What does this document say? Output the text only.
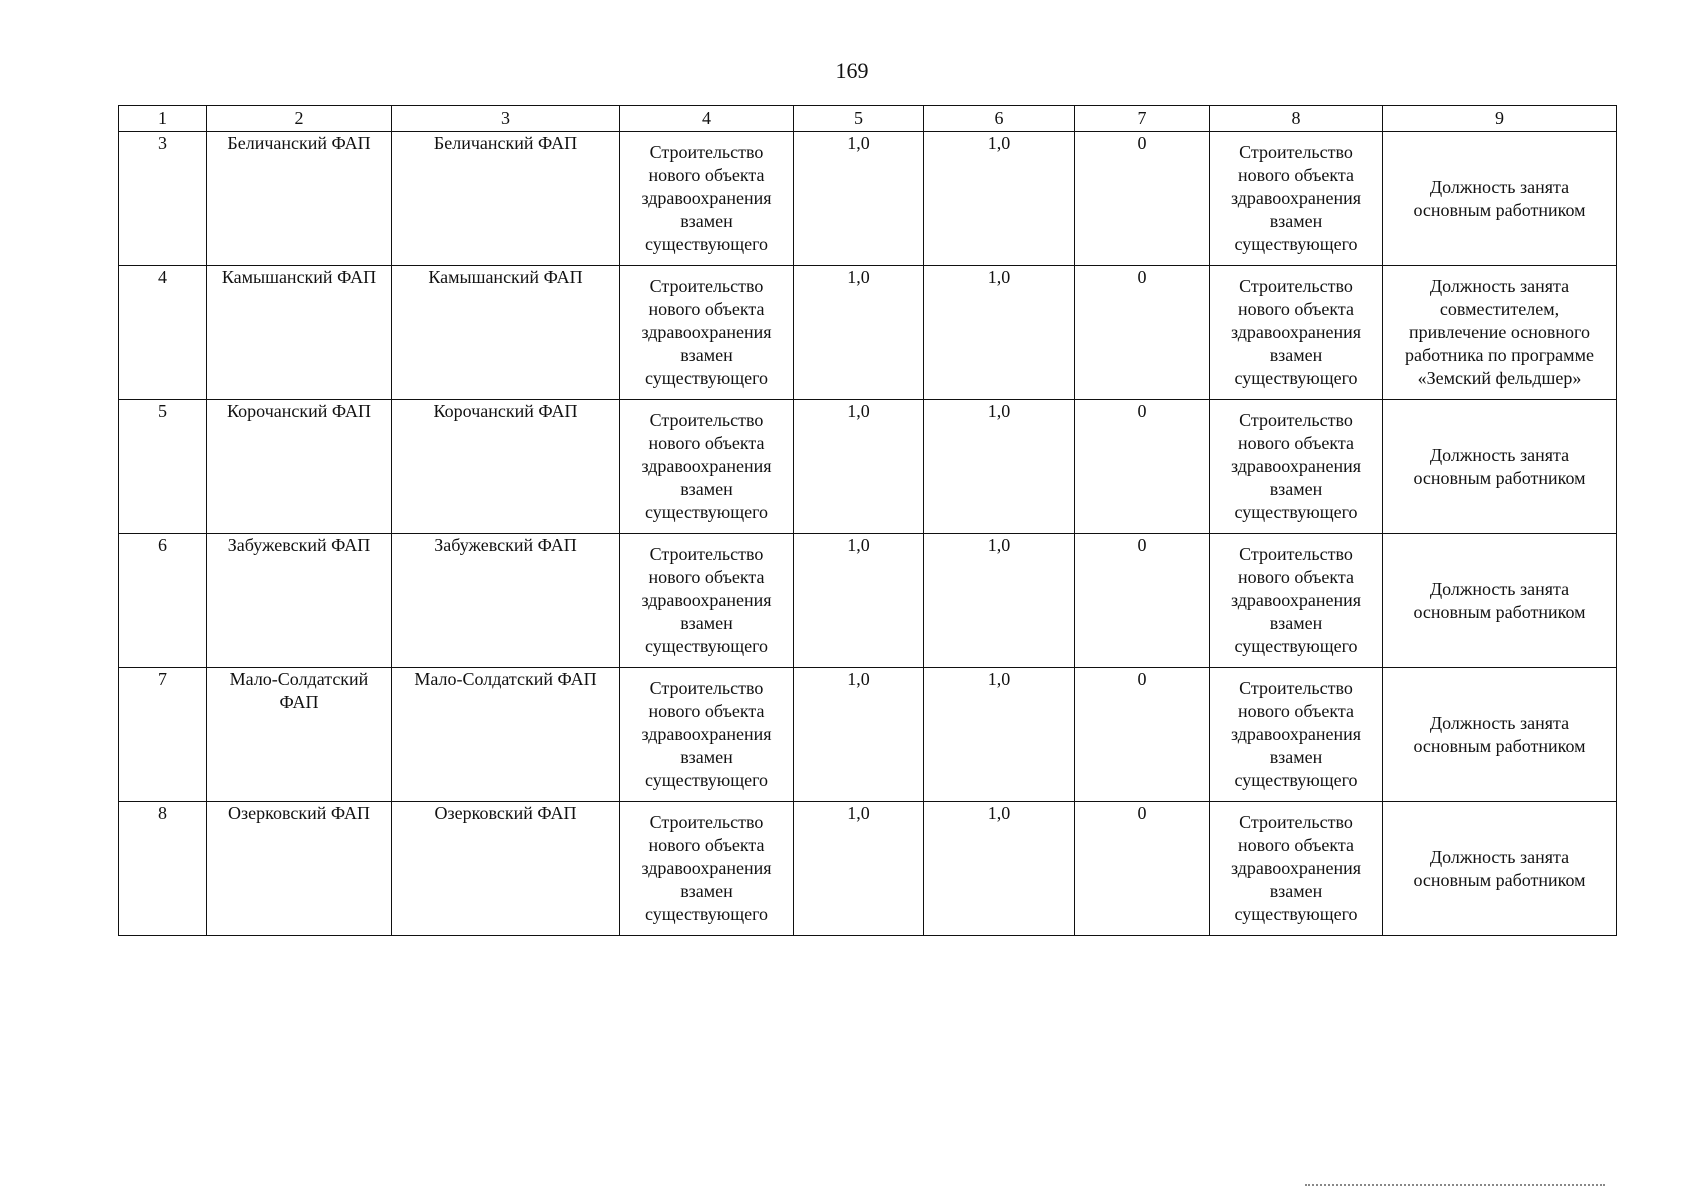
169
1	2	3	4	5	6	7	8	9
3	Беличанский ФАП	Беличанский ФАП	Строительство нового объекта здравоохранения взамен существующего	1,0	1,0	0	Строительство нового объекта здравоохранения взамен существующего	Должность занята основным работником
4	Камышанский ФАП	Камышанский ФАП	Строительство нового объекта здравоохранения взамен существующего	1,0	1,0	0	Строительство нового объекта здравоохранения взамен существующего	Должность занята совместителем, привлечение основного работника по программе «Земский фельдшер»
5	Корочанский ФАП	Корочанский ФАП	Строительство нового объекта здравоохранения взамен существующего	1,0	1,0	0	Строительство нового объекта здравоохранения взамен существующего	Должность занята основным работником
6	Забужевский ФАП	Забужевский ФАП	Строительство нового объекта здравоохранения взамен существующего	1,0	1,0	0	Строительство нового объекта здравоохранения взамен существующего	Должность занята основным работником
7	Мало-Солдатский ФАП	Мало-Солдатский ФАП	Строительство нового объекта здравоохранения взамен существующего	1,0	1,0	0	Строительство нового объекта здравоохранения взамен существующего	Должность занята основным работником
8	Озерковский ФАП	Озерковский ФАП	Строительство нового объекта здравоохранения взамен существующего	1,0	1,0	0	Строительство нового объекта здравоохранения взамен существующего	Должность занята основным работником
